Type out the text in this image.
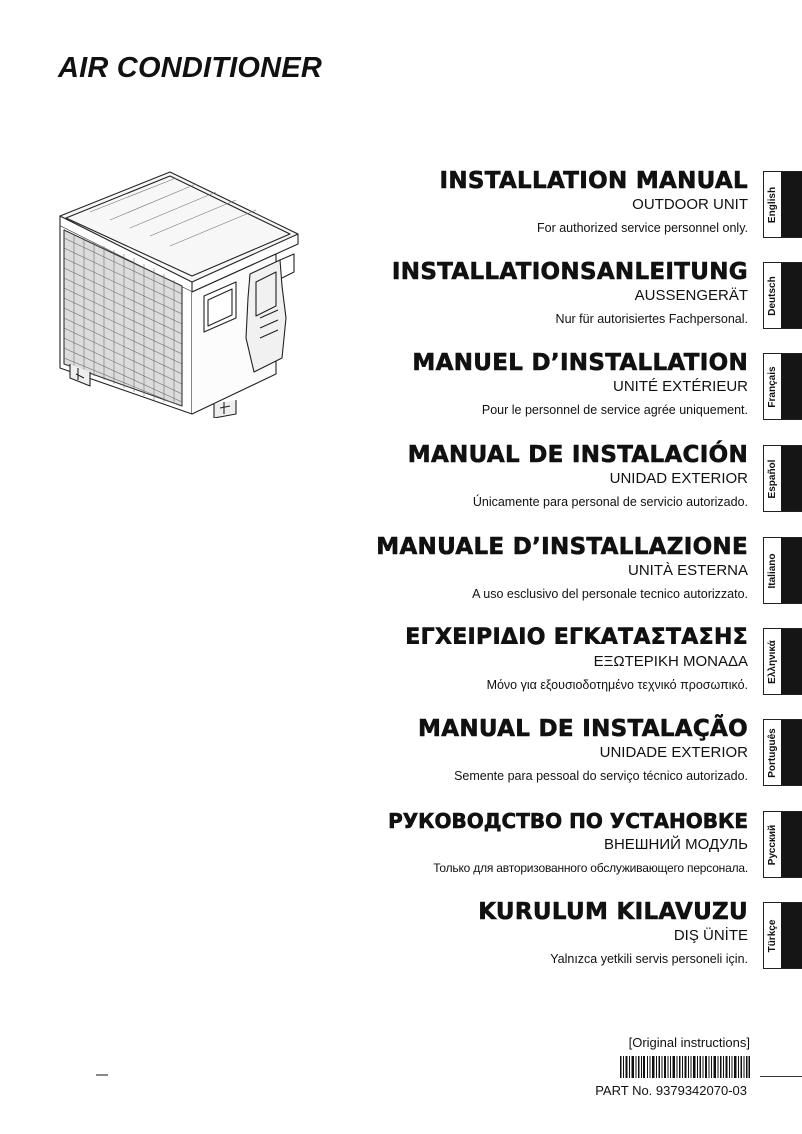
AIR CONDITIONER
INSTALLATION MANUAL
OUTDOOR UNIT
For authorized service personnel only.
INSTALLATIONSANLEITUNG
AUSSENGERÄT
Nur für autorisiertes Fachpersonal.
MANUEL D’INSTALLATION
UNITÉ EXTÉRIEUR
Pour le personnel de service agrée uniquement.
MANUAL DE INSTALACIÓN
UNIDAD EXTERIOR
Únicamente para personal de servicio autorizado.
MANUALE D’INSTALLAZIONE
UNITÀ ESTERNA
A uso esclusivo del personale tecnico autorizzato.
ΕΓΧΕΙΡΙΔΙΟ ΕΓΚΑΤΑΣΤΑΣΗΣ
ΕΞΩΤΕΡΙΚΗ ΜΟΝΑΔΑ
Μόνο για εξουσιοδοτημένο τεχνικό προσωπικό.
MANUAL DE INSTALAÇÃO
UNIDADE EXTERIOR
Semente para pessoal do serviço técnico autorizado.
РУКОВОДСТВО ПО УСТАНОВКЕ
ВНЕШНИЙ МОДУЛЬ
Только для авторизованного обслуживающего персонала.
KURULUM KILAVUZU
DIŞ ÜNİTE
Yalnızca yetkili servis personeli için.
English
Deutsch
Français
Español
Italiano
Ελληνικά
Português
Русский
Türkçe
[Original instructions]
PART No. 9379342070-03
